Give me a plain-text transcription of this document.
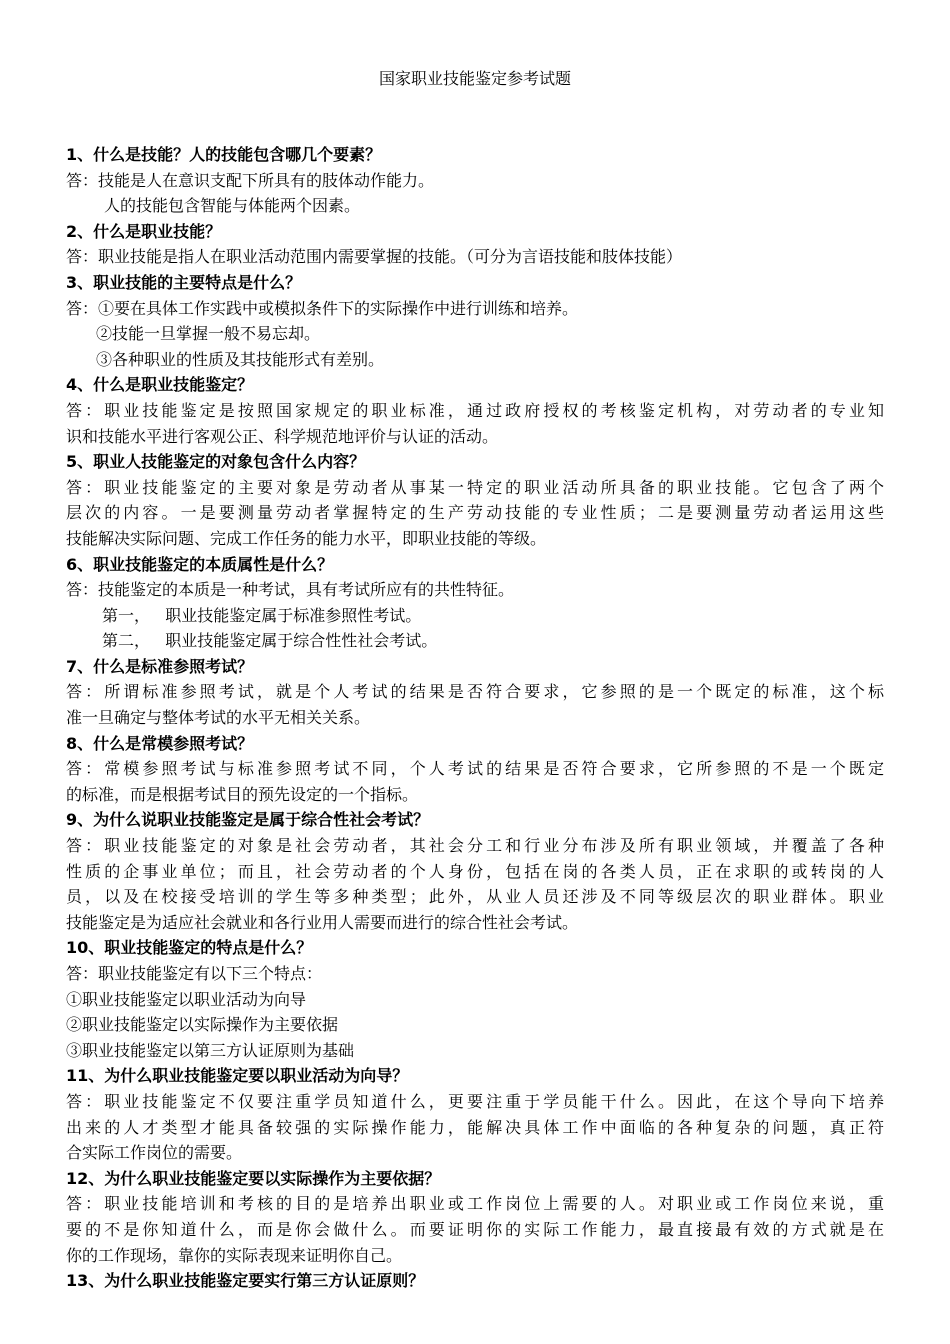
国家职业技能鉴定参考试题
1、什么是技能？人的技能包含哪几个要素？
答：技能是人在意识支配下所具有的肢体动作能力。
人的技能包含智能与体能两个因素。
2、什么是职业技能？
答：职业技能是指人在职业活动范围内需要掌握的技能。（可分为言语技能和肢体技能）
3、职业技能的主要特点是什么？
答：①要在具体工作实践中或模拟条件下的实际操作中进行训练和培养。
②技能一旦掌握一般不易忘却。
③各种职业的性质及其技能形式有差别。
4、什么是职业技能鉴定？
答：职业技能鉴定是按照国家规定的职业标准，通过政府授权的考核鉴定机构，对劳动者的专业知
识和技能水平进行客观公正、科学规范地评价与认证的活动。
5、职业人技能鉴定的对象包含什么内容？
答：职业技能鉴定的主要对象是劳动者从事某一特定的职业活动所具备的职业技能。它包含了两个
层次的内容。一是要测量劳动者掌握特定的生产劳动技能的专业性质；二是要测量劳动者运用这些
技能解决实际问题、完成工作任务的能力水平，即职业技能的等级。
6、职业技能鉴定的本质属性是什么？
答：技能鉴定的本质是一种考试，具有考试所应有的共性特征。
第一，   职业技能鉴定属于标准参照性考试。
第二，   职业技能鉴定属于综合性性社会考试。
7、什么是标准参照考试？
答：所谓标准参照考试，就是个人考试的结果是否符合要求，它参照的是一个既定的标准，这个标
准一旦确定与整体考试的水平无相关关系。
8、什么是常模参照考试？
答：常模参照考试与标准参照考试不同，个人考试的结果是否符合要求，它所参照的不是一个既定
的标准，而是根据考试目的预先设定的一个指标。
9、为什么说职业技能鉴定是属于综合性社会考试？
答：职业技能鉴定的对象是社会劳动者，其社会分工和行业分布涉及所有职业领域，并覆盖了各种
性质的企事业单位；而且，社会劳动者的个人身份，包括在岗的各类人员，正在求职的或转岗的人
员，以及在校接受培训的学生等多种类型；此外，从业人员还涉及不同等级层次的职业群体。职业
技能鉴定是为适应社会就业和各行业用人需要而进行的综合性社会考试。
10、职业技能鉴定的特点是什么？
答：职业技能鉴定有以下三个特点：
①职业技能鉴定以职业活动为向导
②职业技能鉴定以实际操作为主要依据
③职业技能鉴定以第三方认证原则为基础
11、为什么职业技能鉴定要以职业活动为向导？
答：职业技能鉴定不仅要注重学员知道什么，更要注重于学员能干什么。因此，在这个导向下培养
出来的人才类型才能具备较强的实际操作能力，能解决具体工作中面临的各种复杂的问题，真正符
合实际工作岗位的需要。
12、为什么职业技能鉴定要以实际操作为主要依据？
答：职业技能培训和考核的目的是培养出职业或工作岗位上需要的人。对职业或工作岗位来说，重
要的不是你知道什么，而是你会做什么。而要证明你的实际工作能力，最直接最有效的方式就是在
你的工作现场，靠你的实际表现来证明你自己。
13、为什么职业技能鉴定要实行第三方认证原则？
